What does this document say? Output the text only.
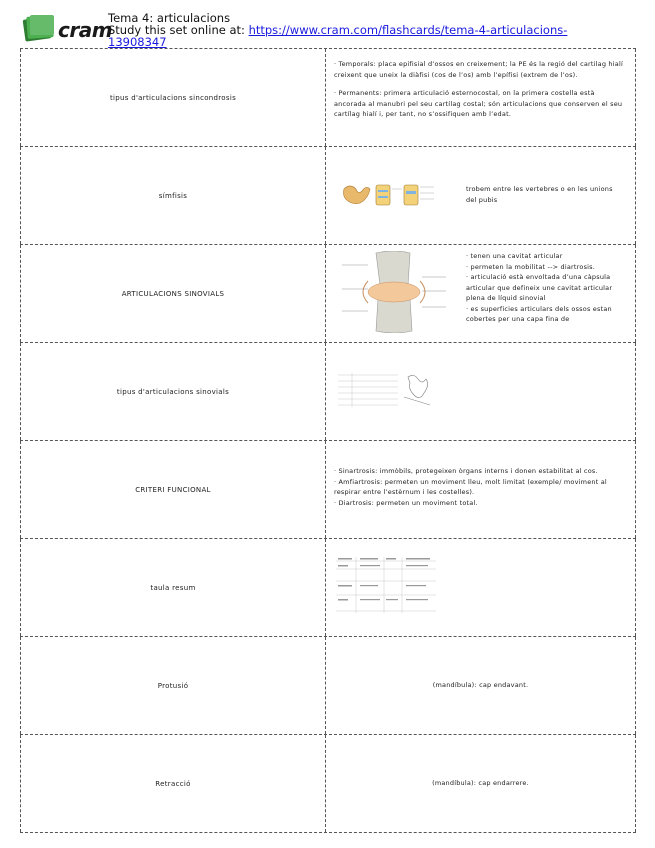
cram
Tema 4: articulacions
Study this set online at: https://www.cram.com/flashcards/tema-4-articulacions-
13908347
tipus d'articulacions sincondrosis

· Temporals: placa epifisial d’ossos en creixement; la PE és la regió del cartilag hialí creixent que uneix la diàfisi (cos de l’os) amb l’epífisi (extrem de l’os).

· Permanents: primera articulació esternocostal, on la primera costella està ancorada al manubri pel seu cartílag costal; són articulacions que conserven el seu cartílag hialí i, per tant, no s’ossifiquen amb l’edat.

símfisis
trobem entre les vertebres o en les unions del pubis
ARTICULACIONS SINOVIALS
· tenen una cavitat articular
· permeten la mobilitat --> diartrosis.
· articulació està envoltada d’una càpsula articular que defineix une cavitat articular plena de líquid sinovial
· es superficies articulars dels ossos estan cobertes per una capa fina de
tipus d'articulacions sinovials
CRITERI FUNCIONAL
· Sinartrosis: immòbils, protegeixen òrgans interns i donen estabilitat al cos.
· Amfiartrosis: permeten un moviment lleu, molt limitat (exemple/ moviment al respirar entre l’estèrnum i les costelles).
· Diartrosis: permeten un moviment total.
taula resum
Protusió	(mandíbula): cap endavant.
Retracció	(mandíbula): cap endarrere.
